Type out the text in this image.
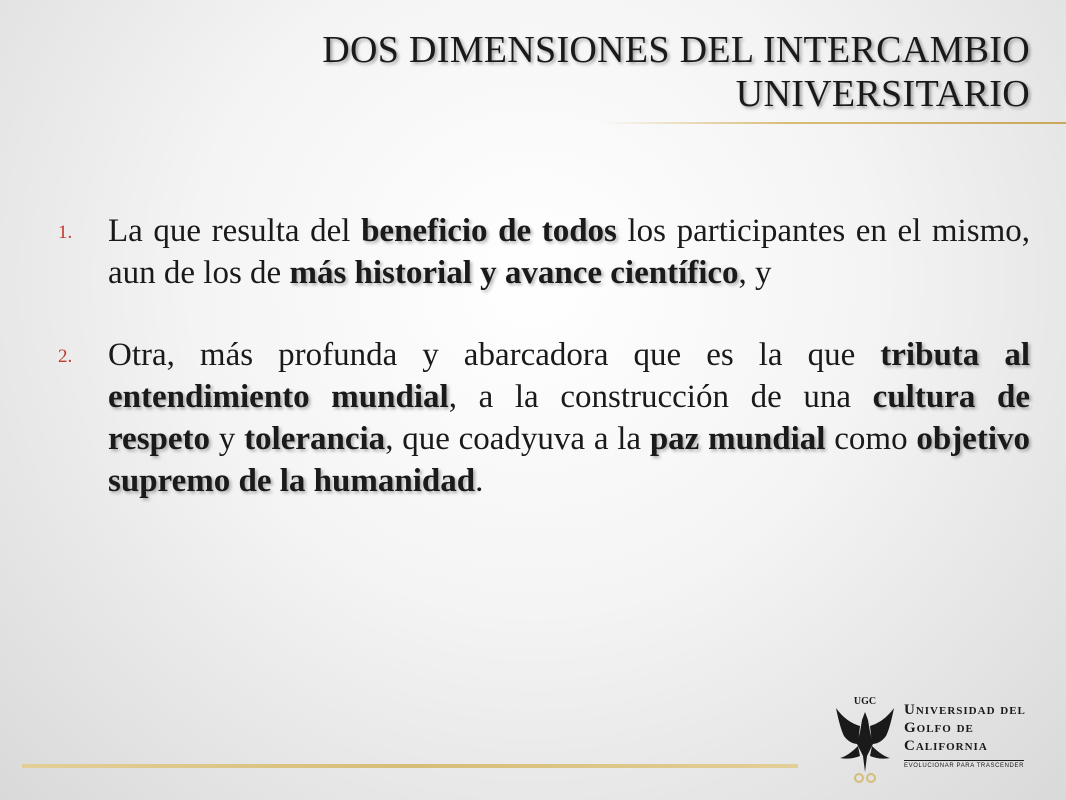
DOS DIMENSIONES DEL INTERCAMBIO
UNIVERSITARIO
1. La que resulta del beneficio de todos los participantes en el mismo, aun de los de más historial y avance científico, y
2. Otra, más profunda y abarcadora que es la que tributa al entendimiento mundial, a la construcción de una cultura de respeto y tolerancia, que coadyuva a la paz mundial como objetivo supremo de la humanidad.
UGC
Universidad del
Golfo de
California
EVOLUCIONAR PARA TRASCENDER
